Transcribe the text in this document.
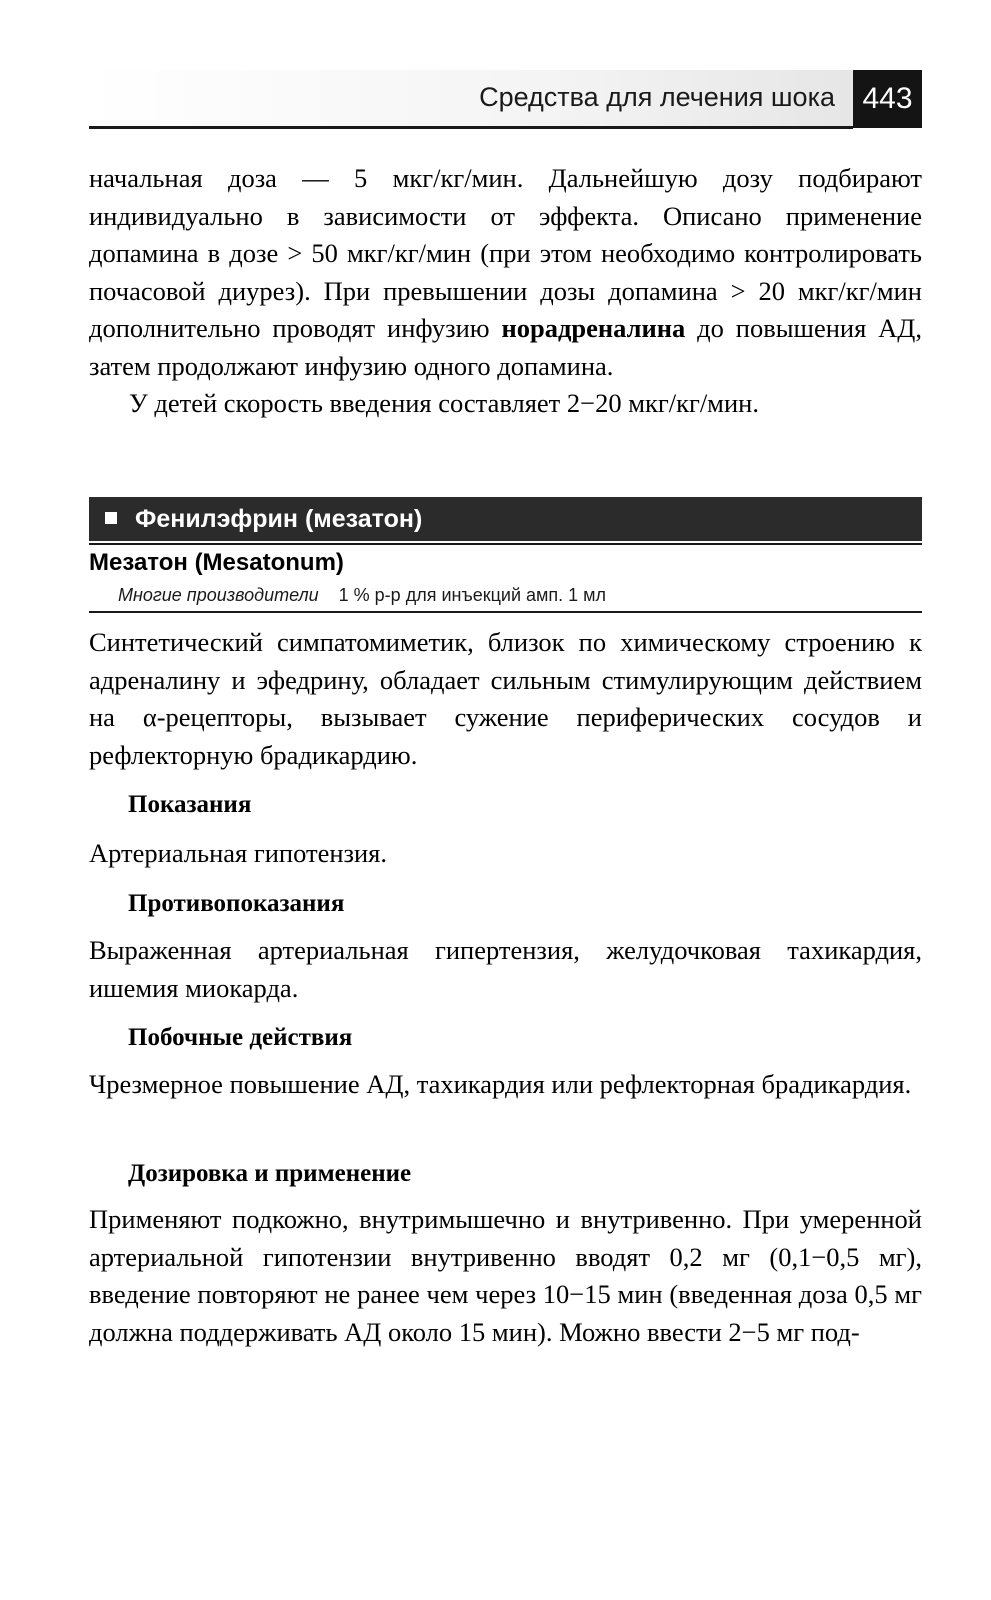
Средства для лечения шока 443

начальная доза — 5 мкг/кг/мин. Дальнейшую дозу подбирают индивидуально в зависимости от эффекта. Описано применение допамина в дозе > 50 мкг/кг/мин (при этом необходимо контролировать почасовой диурез). При превышении дозы допамина > 20 мкг/кг/мин дополнительно проводят инфузию норадреналина до повышения АД, затем продолжают инфузию одного допамина.

У детей скорость введения составляет 2−20 мкг/кг/мин.

Фенилэфрин (мезатон)
Мезатон (Mesatonum)
Многие производители 1 % р-р для инъекций амп. 1 мл

Синтетический симпатомиметик, близок по химическому строению к адреналину и эфедрину, обладает сильным стимулирующим действием на α-рецепторы, вызывает сужение периферических сосудов и рефлекторную брадикардию.

Показания

Артериальная гипотензия.

Противопоказания

Выраженная артериальная гипертензия, желудочковая тахикардия, ишемия миокарда.

Побочные действия

Чрезмерное повышение АД, тахикардия или рефлекторная брадикардия.

Дозировка и применение

Применяют подкожно, внутримышечно и внутривенно. При умеренной артериальной гипотензии внутривенно вводят 0,2 мг (0,1−0,5 мг), введение повторяют не ранее чем через 10−15 мин (введенная доза 0,5 мг должна поддерживать АД около 15 мин). Можно ввести 2−5 мг под-
